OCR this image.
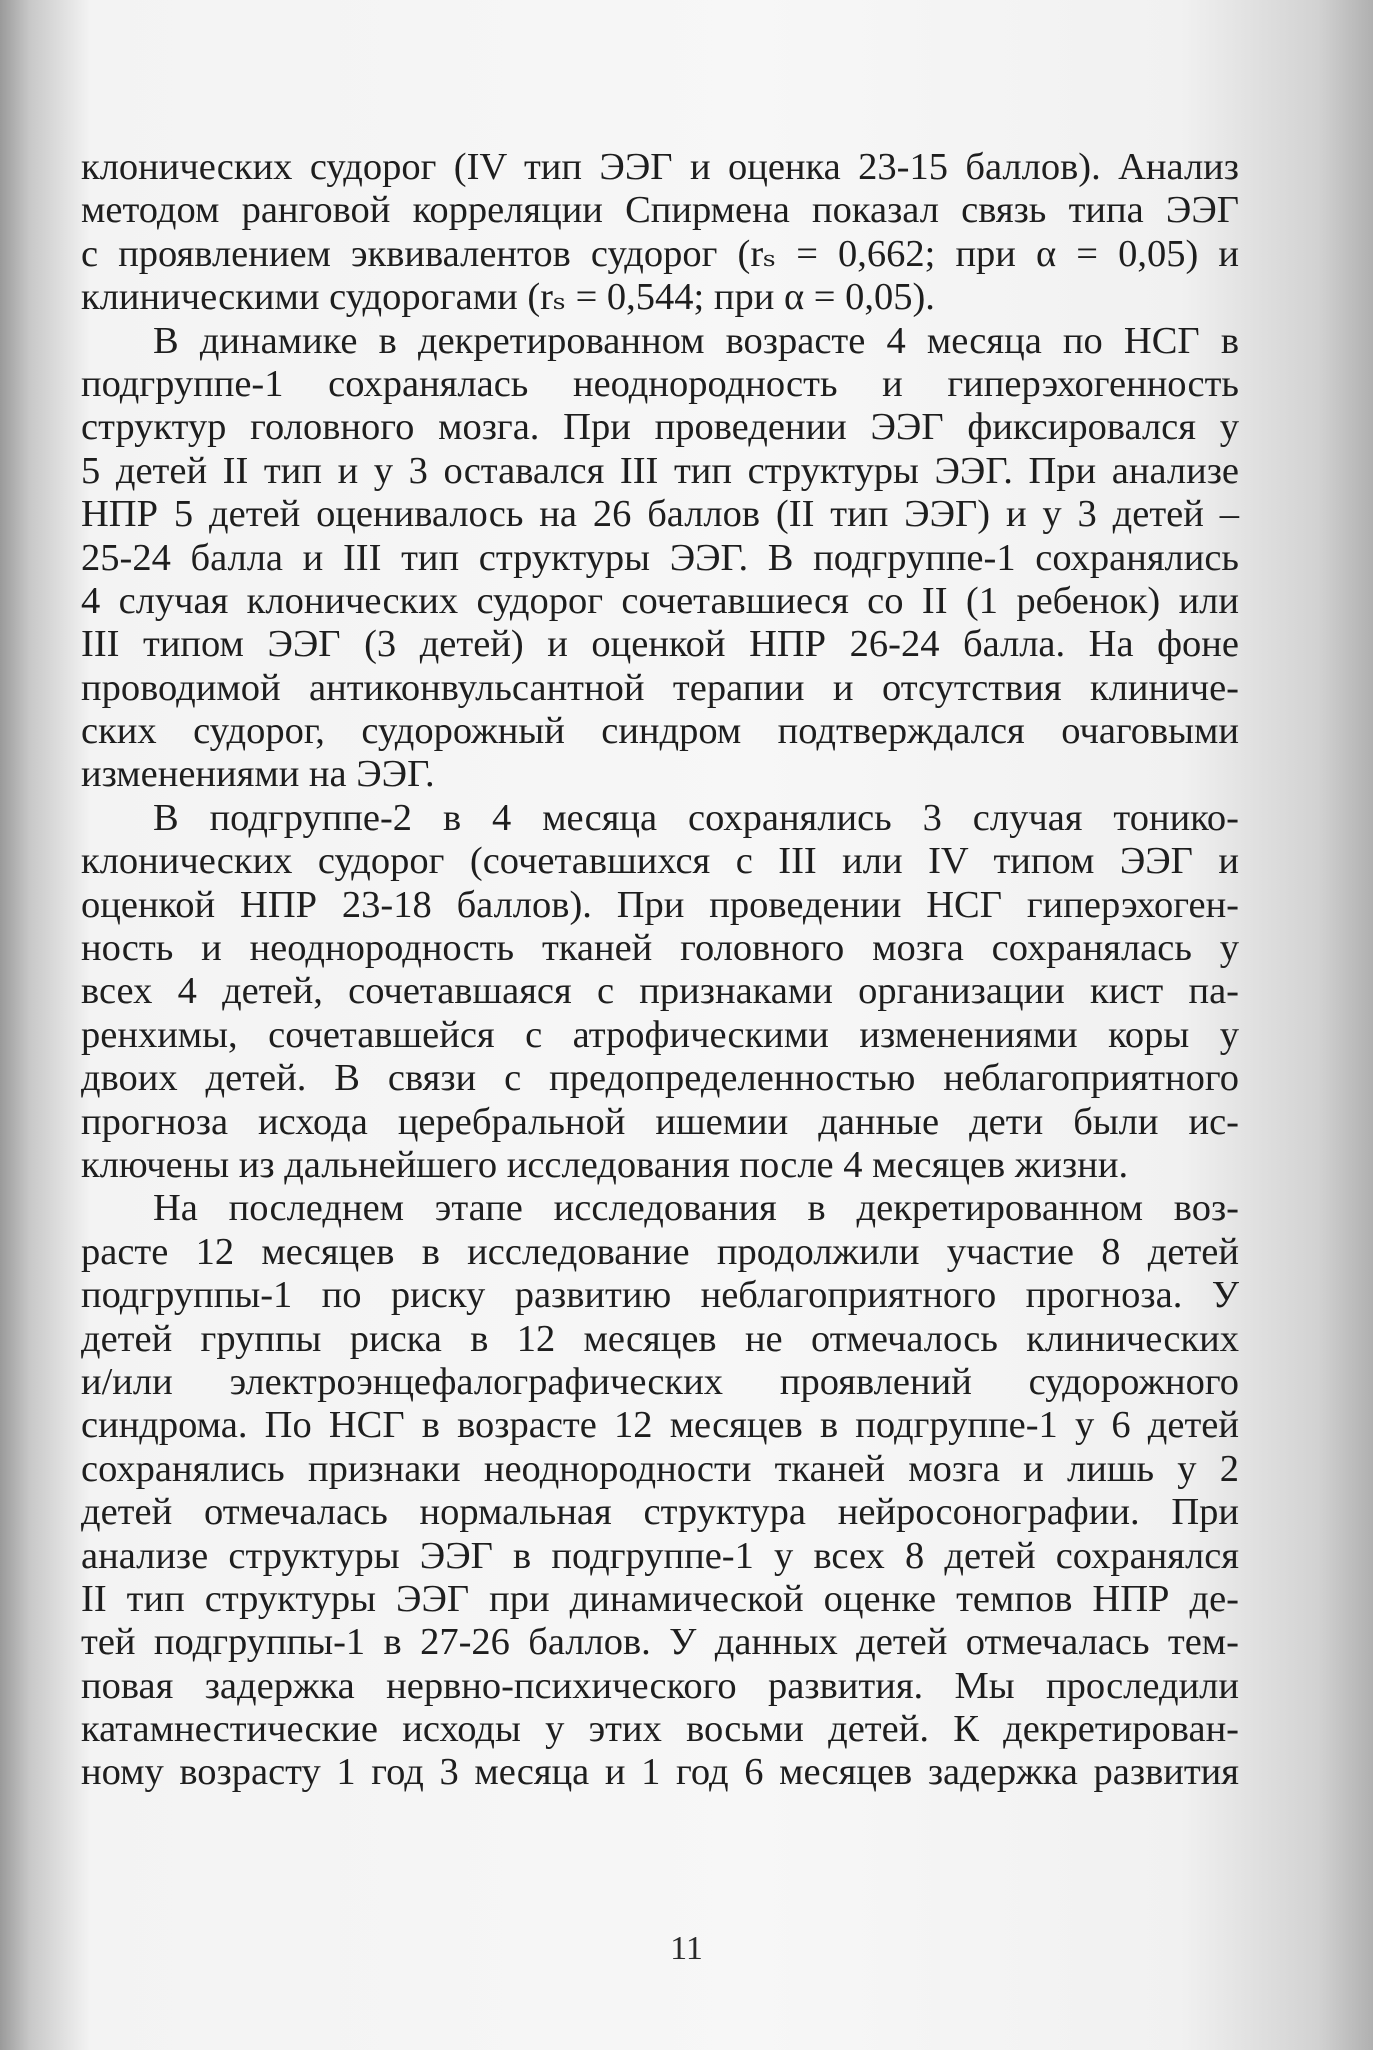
клонических судорог (IV тип ЭЭГ и оценка 23-15 баллов). Анализ
методом ранговой корреляции Спирмена показал связь типа ЭЭГ
с проявлением эквивалентов судорог (rₛ = 0,662; при α = 0,05) и
клиническими судорогами (rₛ = 0,544; при α = 0,05).
В динамике в декретированном возрасте 4 месяца по НСГ в
подгруппе-1 сохранялась неоднородность и гиперэхогенность
структур головного мозга. При проведении ЭЭГ фиксировался у
5 детей II тип и у 3 оставался III тип структуры ЭЭГ. При анализе
НПР 5 детей оценивалось на 26 баллов (II тип ЭЭГ) и у 3 детей –
25-24 балла и III тип структуры ЭЭГ. В подгруппе-1 сохранялись
4 случая клонических судорог сочетавшиеся со II (1 ребенок) или
III типом ЭЭГ (3 детей) и оценкой НПР 26-24 балла. На фоне
проводимой антиконвульсантной терапии и отсутствия клиниче-
ских судорог, судорожный синдром подтверждался очаговыми
изменениями на ЭЭГ.
В подгруппе-2 в 4 месяца сохранялись 3 случая тонико-
клонических судорог (сочетавшихся с III или IV типом ЭЭГ и
оценкой НПР 23-18 баллов). При проведении НСГ гиперэхоген-
ность и неоднородность тканей головного мозга сохранялась у
всех 4 детей, сочетавшаяся с признаками организации кист па-
ренхимы, сочетавшейся с атрофическими изменениями коры у
двоих детей. В связи с предопределенностью неблагоприятного
прогноза исхода церебральной ишемии данные дети были ис-
ключены из дальнейшего исследования после 4 месяцев жизни.
На последнем этапе исследования в декретированном воз-
расте 12 месяцев в исследование продолжили участие 8 детей
подгруппы-1 по риску развитию неблагоприятного прогноза. У
детей группы риска в 12 месяцев не отмечалось клинических
и/или электроэнцефалографических проявлений судорожного
синдрома. По НСГ в возрасте 12 месяцев в подгруппе-1 у 6 детей
сохранялись признаки неоднородности тканей мозга и лишь у 2
детей отмечалась нормальная структура нейросонографии. При
анализе структуры ЭЭГ в подгруппе-1 у всех 8 детей сохранялся
II тип структуры ЭЭГ при динамической оценке темпов НПР де-
тей подгруппы-1 в 27-26 баллов. У данных детей отмечалась тем-
повая задержка нервно-психического развития. Мы проследили
катамнестические исходы у этих восьми детей. К декретирован-
ному возрасту 1 год 3 месяца и 1 год 6 месяцев задержка развития
11
